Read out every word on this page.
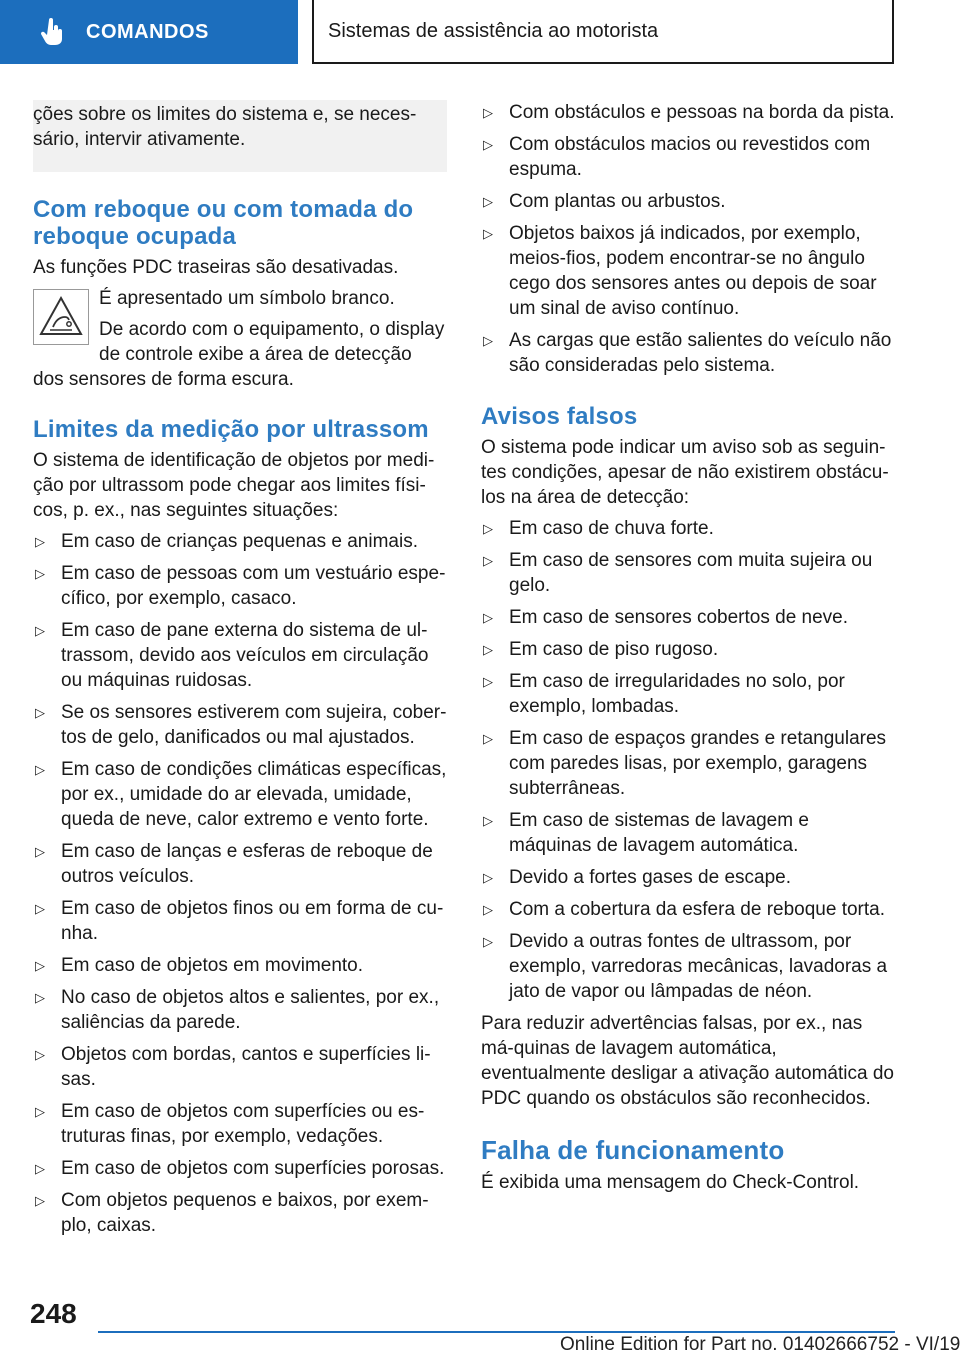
COMANDOS	Sistemas de assistência ao motorista

ções sobre os limites do sistema e, se neces-sário, intervir ativamente.

Com reboque ou com tomada do reboque ocupada

As funções PDC traseiras são desativadas.

É apresentado um símbolo branco.

De acordo com o equipamento, o display de controle exibe a área de detecção dos sensores de forma escura.

Limites da medição por ultrassom

O sistema de identificação de objetos por medi-ção por ultrassom pode chegar aos limites físi-cos, p. ex., nas seguintes situações:

▷ Em caso de crianças pequenas e animais.
▷ Em caso de pessoas com um vestuário espe-cífico, por exemplo, casaco.
▷ Em caso de pane externa do sistema de ul-trassom, devido aos veículos em circulação ou máquinas ruidosas.
▷ Se os sensores estiverem com sujeira, cober-tos de gelo, danificados ou mal ajustados.
▷ Em caso de condições climáticas específicas, por ex., umidade do ar elevada, umidade, queda de neve, calor extremo e vento forte.
▷ Em caso de lanças e esferas de reboque de outros veículos.
▷ Em caso de objetos finos ou em forma de cu-nha.
▷ Em caso de objetos em movimento.
▷ No caso de objetos altos e salientes, por ex., saliências da parede.
▷ Objetos com bordas, cantos e superfícies li-sas.
▷ Em caso de objetos com superfícies ou es-truturas finas, por exemplo, vedações.
▷ Em caso de objetos com superfícies porosas.
▷ Com objetos pequenos e baixos, por exem-plo, caixas.
▷ Com obstáculos e pessoas na borda da pista.
▷ Com obstáculos macios ou revestidos com espuma.
▷ Com plantas ou arbustos.
▷ Objetos baixos já indicados, por exemplo, meios-fios, podem encontrar-se no ângulo cego dos sensores antes ou depois de soar um sinal de aviso contínuo.
▷ As cargas que estão salientes do veículo não são consideradas pelo sistema.
Avisos falsos

O sistema pode indicar um aviso sob as seguin-tes condições, apesar de não existirem obstácu-los na área de detecção:

▷ Em caso de chuva forte.
▷ Em caso de sensores com muita sujeira ou gelo.
▷ Em caso de sensores cobertos de neve.
▷ Em caso de piso rugoso.
▷ Em caso de irregularidades no solo, por exemplo, lombadas.
▷ Em caso de espaços grandes e retangulares com paredes lisas, por exemplo, garagens subterrâneas.
▷ Em caso de sistemas de lavagem e máquinas de lavagem automática.
▷ Devido a fortes gases de escape.
▷ Com a cobertura da esfera de reboque torta.
▷ Devido a outras fontes de ultrassom, por exemplo, varredoras mecânicas, lavadoras a jato de vapor ou lâmpadas de néon.

Para reduzir advertências falsas, por ex., nas má-quinas de lavagem automática, eventualmente desligar a ativação automática do PDC quando os obstáculos são reconhecidos.

Falha de funcionamento

É exibida uma mensagem do Check-Control.

248
Online Edition for Part no. 01402666752 - VI/19
